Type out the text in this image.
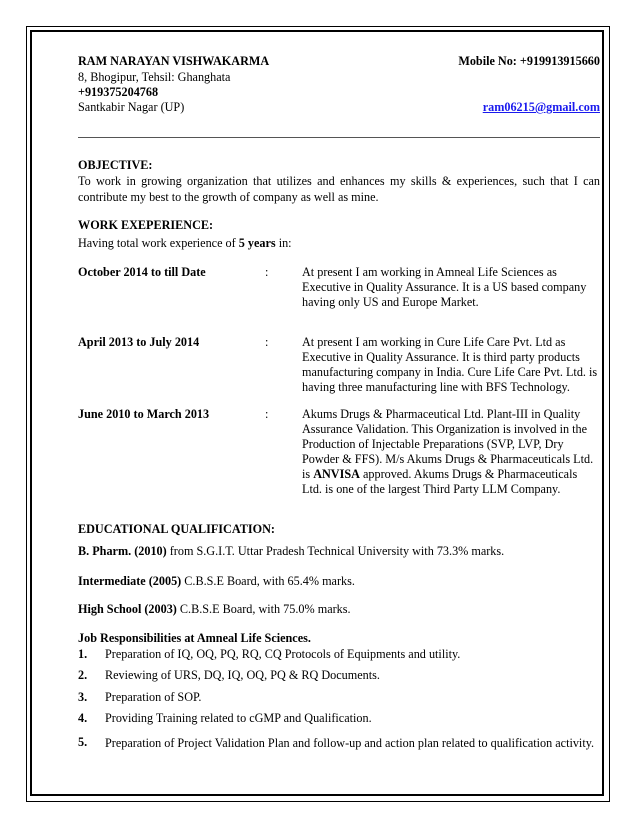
RAM NARAYAN VISHWAKARMA	Mobile No: +919913915660
8, Bhogipur, Tehsil: Ghanghata
+919375204768
Santkabir Nagar (UP)	ram06215@gmail.com
OBJECTIVE:
To work in growing organization that utilizes and enhances my skills & experiences, such that I can contribute my best to the growth of company as well as mine.
WORK EXEPERIENCE:
Having total work experience of 5 years in:
October 2014 to till Date	:	At present I am working in Amneal Life Sciences as Executive in Quality Assurance. It is a US based company having only US and Europe Market.
April 2013 to July 2014	:	At present I am working in Cure Life Care Pvt. Ltd as Executive in Quality Assurance. It is third party products manufacturing company in India. Cure Life Care Pvt. Ltd. is having three manufacturing line with BFS Technology.
June 2010 to March 2013	:	Akums Drugs & Pharmaceutical Ltd. Plant-III in Quality Assurance Validation. This Organization is involved in the Production of Injectable Preparations (SVP, LVP, Dry Powder & FFS). M/s Akums Drugs & Pharmaceuticals Ltd. is ANVISA approved. Akums Drugs & Pharmaceuticals Ltd. is one of the largest Third Party LLM Company.
EDUCATIONAL QUALIFICATION:
B. Pharm. (2010) from S.G.I.T. Uttar Pradesh Technical University with 73.3% marks.
Intermediate (2005) C.B.S.E Board, with 65.4% marks.
High School (2003) C.B.S.E Board, with 75.0% marks.
Job Responsibilities at Amneal Life Sciences.
1. Preparation of IQ, OQ, PQ, RQ, CQ Protocols of Equipments and utility.
2. Reviewing of URS, DQ, IQ, OQ, PQ & RQ Documents.
3. Preparation of SOP.
4. Providing Training related to cGMP and Qualification.
5. Preparation of Project Validation Plan and follow-up and action plan related to qualification activity.
